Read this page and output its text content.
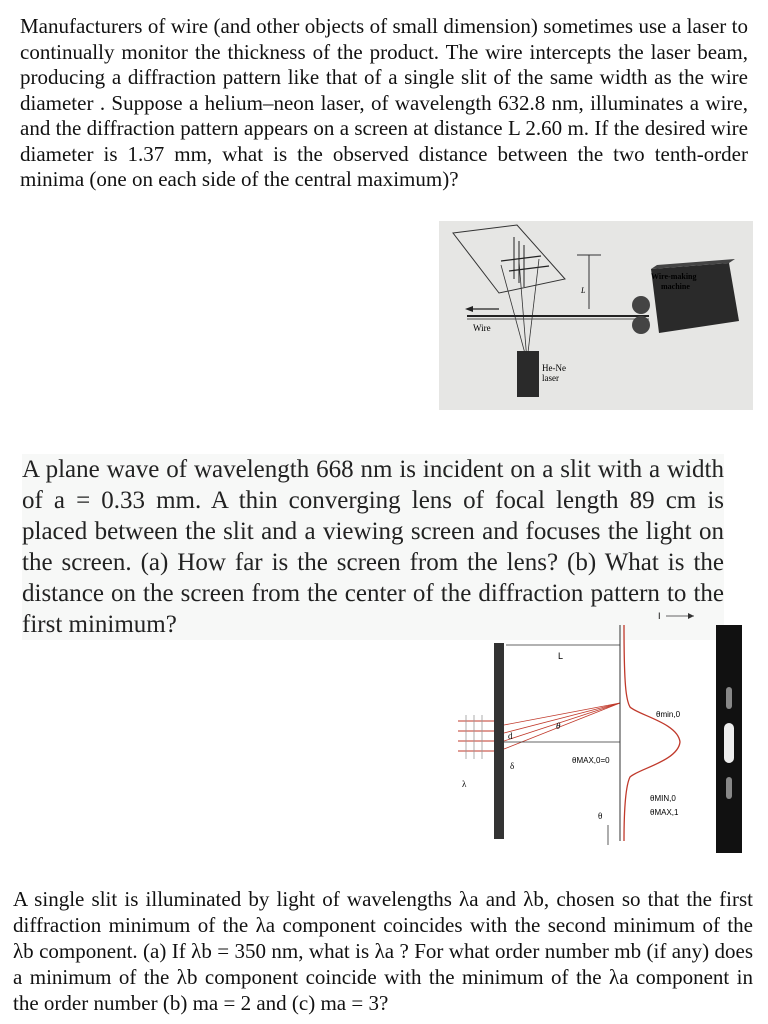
Manufacturers of wire (and other objects of small dimension) sometimes use a laser to continually monitor the thickness of the product. The wire intercepts the laser beam, producing a diffraction pattern like that of a single slit of the same width as the wire diameter . Suppose a helium–neon laser, of wavelength 632.8 nm, illuminates a wire, and the diffraction pattern appears on a screen at distance L 2.60 m. If the desired wire diameter is 1.37 mm, what is the observed distance between the two tenth-order minima (one on each side of the central maximum)?
L
Wire
Wire-making
machine
He-Ne
laser
A plane wave of wavelength 668 nm is incident on a slit with a width of a = 0.33 mm. A thin converging lens of focal length 89 cm is placed between the slit and a viewing screen and focuses the light on the screen. (a) How far is the screen from the lens? (b) What is the distance on the screen from the center of the diffraction pattern to the first minimum?
λ
d
δ
θ
L
I
θmin,0
θMAX,0=0
θMIN,0
θMAX,1
θ
A single slit is illuminated by light of wavelengths λa and λb, chosen so that the first diffraction minimum of the λa component coincides with the second minimum of the λb component. (a) If λb = 350 nm, what is λa ? For what order number mb (if any) does a minimum of the λb component coincide with the minimum of the λa component in the order number (b) ma = 2 and (c) ma = 3?
